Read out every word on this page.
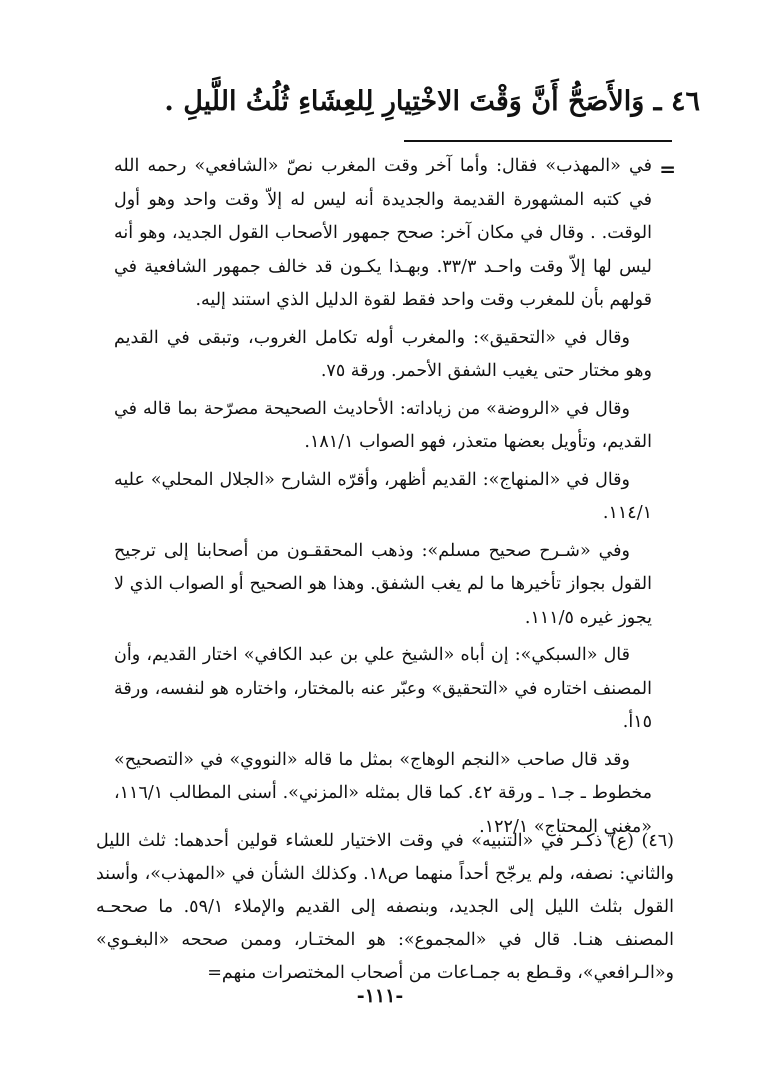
٤٦ ـ وَالأَصَحُّ أَنَّ وَقْتَ الاخْتِيارِ لِلعِشَاءِ ثُلُثُ اللَّيلِ .
=

في «المهذب» فقال: وأما آخر وقت المغرب نصّ «الشافعي» رحمه الله في كتبه المشهورة القديمة والجديدة أنه ليس له إلاّ وقت واحد وهو أول الوقت. . وقال في مكان آخر: صحح جمهور الأصحاب القول الجديد، وهو أنه ليس لها إلاّ وقت واحـد ٣٣/٣. وبهـذا يكـون قد خالف جمهور الشافعية في قولهم بأن للمغرب وقت واحد فقط لقوة الدليل الذي استند إليه.

وقال في «التحقيق»: والمغرب أوله تكامل الغروب، وتبقى في القديم وهو مختار حتى يغيب الشفق الأحمر. ورقة ٧٥.

وقال في «الروضة» من زياداته: الأحاديث الصحيحة مصرّحة بما قاله في القديم، وتأويل بعضها متعذر، فهو الصواب ١٨١/١.

وقال في «المنهاج»: القديم أظهر، وأقرّه الشارح «الجلال المحلي» عليه ١١٤/١.

وفي «شـرح صحيح مسلم»: وذهب المحققـون من أصحابنا إلى ترجيح القول بجواز تأخيرها ما لم يغب الشفق. وهذا هو الصحيح أو الصواب الذي لا يجوز غيره ١١١/٥.

قال «السبكي»: إن أباه «الشيخ علي بن عبد الكافي» اختار القديم، وأن المصنف اختاره في «التحقيق» وعبّر عنه بالمختار، واختاره هو لنفسه، ورقة ١٥أ.

وقد قال صاحب «النجم الوهاج» بمثل ما قاله «النووي» في «التصحيح» مخطوط ـ جـ١ ـ ورقة ٤٢. كما قال بمثله «المزني». أسنى المطالب ١١٦/١، «مغني المحتاج» ١٢٢/١.

(٤٦) (ع) ذكـر في «التنبيه» في وقت الاختيار للعشاء قولين أحدهما: ثلث الليل والثاني: نصفه، ولم يرجّح أحداً منهما ص١٨. وكذلك الشأن في «المهذب»، وأسند القول بثلث الليل إلى الجديد، وبنصفه إلى القديم والإملاء ٥٩/١. ما صححـه المصنف هنـا. قال في «المجموع»: هو المختـار، وممن صححه «البغـوي» و«الـرافعي»، وقـطع به جمـاعات من أصحاب المختصرات منهم=

-١١١-
